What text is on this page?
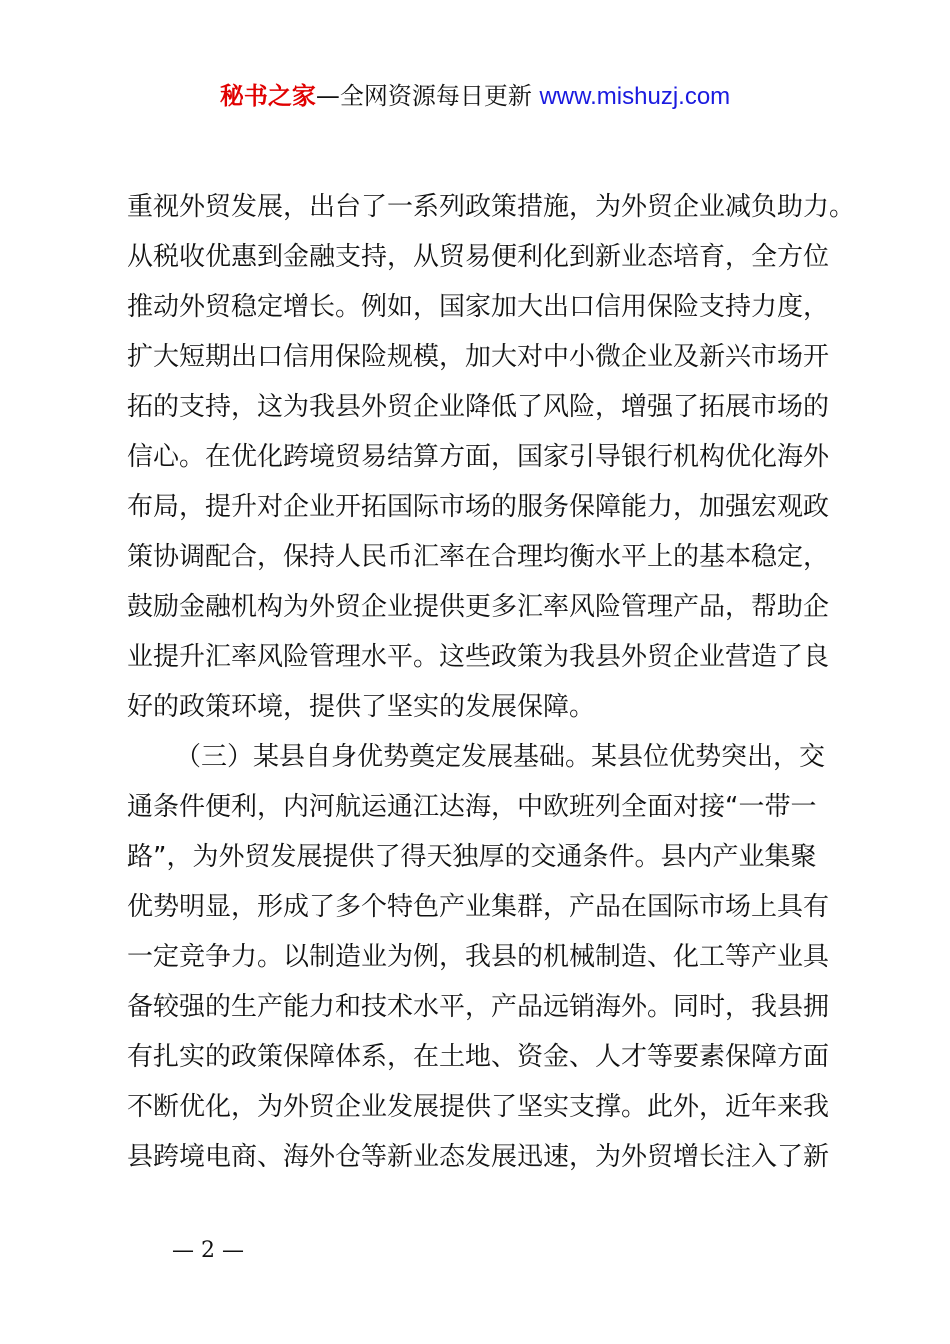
秘书之家—全网资源每日更新 www.mishuzj.com
重视外贸发展，出台了一系列政策措施，为外贸企业减负助力。
从税收优惠到金融支持，从贸易便利化到新业态培育，全方位
推动外贸稳定增长。例如，国家加大出口信用保险支持力度，
扩大短期出口信用保险规模，加大对中小微企业及新兴市场开
拓的支持，这为我县外贸企业降低了风险，增强了拓展市场的
信心。在优化跨境贸易结算方面，国家引导银行机构优化海外
布局，提升对企业开拓国际市场的服务保障能力，加强宏观政
策协调配合，保持人民币汇率在合理均衡水平上的基本稳定，
鼓励金融机构为外贸企业提供更多汇率风险管理产品，帮助企
业提升汇率风险管理水平。这些政策为我县外贸企业营造了良
好的政策环境，提供了坚实的发展保障。
（三）某县自身优势奠定发展基础。某县位优势突出，交
通条件便利，内河航运通江达海，中欧班列全面对接“一带一
路”，为外贸发展提供了得天独厚的交通条件。县内产业集聚
优势明显，形成了多个特色产业集群，产品在国际市场上具有
一定竞争力。以制造业为例，我县的机械制造、化工等产业具
备较强的生产能力和技术水平，产品远销海外。同时，我县拥
有扎实的政策保障体系，在土地、资金、人才等要素保障方面
不断优化，为外贸企业发展提供了坚实支撑。此外，近年来我
县跨境电商、海外仓等新业态发展迅速，为外贸增长注入了新
— 2 —
